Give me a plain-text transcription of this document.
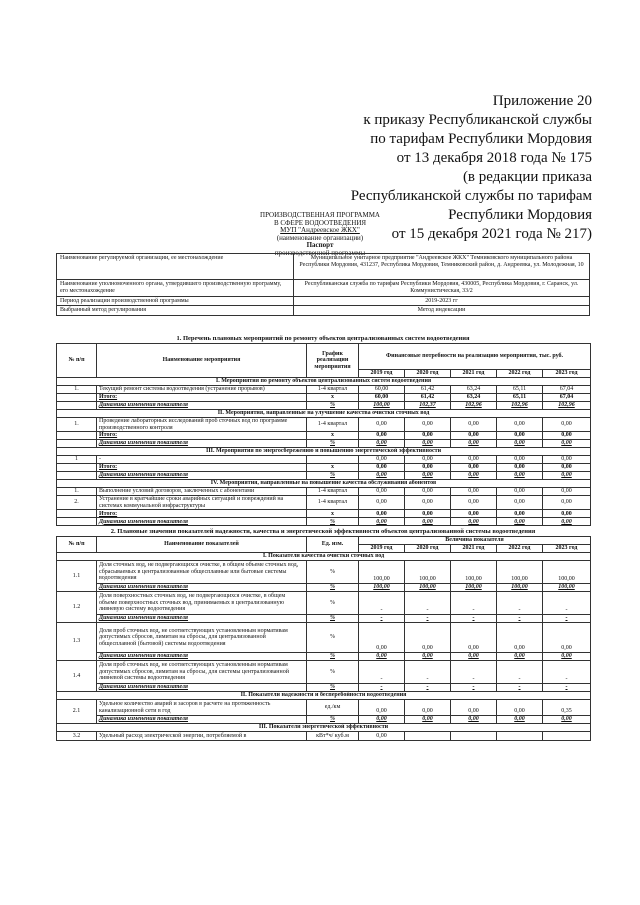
Приложение 20
к приказу Республиканской службы
по тарифам Республики Мордовия
от 13 декабря 2018 года № 175
(в редакции приказа
Республиканской службы по тарифам
Республики Мордовия
от 15 декабря 2021 года № 217)
ПРОИЗВОДСТВЕННАЯ ПРОГРАММА
В СФЕРЕ ВОДООТВЕДЕНИЯ
МУП "Андреевское ЖКХ"
(наименование организации)
Паспорт
производственной программы
Наименование регулируемой организации, ее местонахождение	Муниципальное унитарное предприятие "Андреевское ЖКХ" Темниковского муниципального района Республики Мордовия, 431237, Республика Мордовия, Темниковский район, д. Андреевка, ул. Молодежная, 10
Наименование уполномоченного органа, утвердившего производственную программу, его местонахождение	Республиканская служба по тарифам Республики Мордовия, 430005, Республика Мордовия, г. Саранск, ул. Коммунистическая, 33/2
Период реализации производственной программы	2019-2023 гг
Выбранный метод регулирования	Метод индексации
1. Перечень плановых мероприятий по ремонту объектов централизованных систем водоотведения
№ п/п	Наименование мероприятия	График реализации мероприятия	Финансовые потребности на реализацию мероприятия, тыс. руб.				
			2019 год	2020 год	2021 год	2022 год	2023 год
I. Мероприятия по ремонту объектов централизованных систем водоотведения							
1.	Текущий ремонт системы водоотведения (устранение прорывов)	1-4 квартал	60,00	61,42	63,24	65,11	67,04
	Итого:	х	60,00	61,42	63,24	65,11	67,04
	Динамика изменения показателя	%	100,00	102,37	102,96	102,96	102,96
II. Мероприятия, направленные на улучшение качества очистки сточных вод							
1.	Проведение лабораторных исследований проб сточных вод по программе производственного контроля	1-4 квартал	0,00	0,00	0,00	0,00	0,00
	Итого:	х	0,00	0,00	0,00	0,00	0,00
	Динамика изменения показателя	%	0,00	0,00	0,00	0,00	0,00
III. Мероприятия по энергосбережению и повышению энергетической эффективности							
1	-		0,00	0,00	0,00	0,00	0,00
	Итого:	х	0,00	0,00	0,00	0,00	0,00
	Динамика изменения показателя	%	0,00	0,00	0,00	0,00	0,00
IV. Мероприятия, направленные на повышение качества обслуживания абонентов							
1.	Выполнение условий договоров, заключенных с абонентами	1-4 квартал	0,00	0,00	0,00	0,00	0,00
2.	Устранение в кратчайшие сроки аварийных ситуаций и повреждений на системах коммунальной инфраструктуры	1-4 квартал	0,00	0,00	0,00	0,00	0,00
	Итого:	х	0,00	0,00	0,00	0,00	0,00
	Динамика изменения показателя	%	0,00	0,00	0,00	0,00	0,00
2. Плановые значения показателей надежности, качества и энергетической эффективности объектов централизованной системы водоотведения
№ п/п	Наименование показателей	Ед. изм.	Величина показателя				
			2019 год	2020 год	2021 год	2022 год	2023 год
I. Показатели качества очистки сточных вод							
1.1	Доля сточных вод, не подвергающихся очистке, в общем объеме сточных вод, сбрасываемых в централизованные общесплавные или бытовые системы водоотведения	%	100,00	100,00	100,00	100,00	100,00
	Динамика изменения показателя	%	100,00	100,00	100,00	100,00	100,00
1.2	Доля поверхностных сточных вод, не подвергающихся очистке, в общем объеме поверхностных сточных вод, принимаемых в централизованную ливневую систему водоотведения	%	-	-	-	-	-
	Динамика изменения показателя	%	-	-	-	-	-
1.3	Доля проб сточных вод, не соответствующих установленным нормативам допустимых сбросов, лимитам на сбросы, для централизованной общесплавной (бытовой) системы водоотведения	%	0,00	0,00	0,00	0,00	0,00
	Динамика изменения показателя	%	0,00	0,00	0,00	0,00	0,00
1.4	Доля проб сточных вод, не соответствующих установленным нормативам допустимых сбросов, лимитам на сбросы, для системы централизованной ливневой системы водоотведения	%	-	-	-	-	-
	Динамика изменения показателя	%	-	-	-	-	-
II. Показатели надежности и бесперебойности водоотведения							
2.1	Удельное количество аварий и засоров в расчете на протяженность канализационной сети в год	ед./км	0,00	0,00	0,00	0,00	0,35
	Динамика изменения показателя	%	0,00	0,00	0,00	0,00	0,00
III. Показатели энергетической эффективности							
3.2	Удельный расход электрической энергии, потребляемой в	кВт*ч/ куб.м	0,00				
